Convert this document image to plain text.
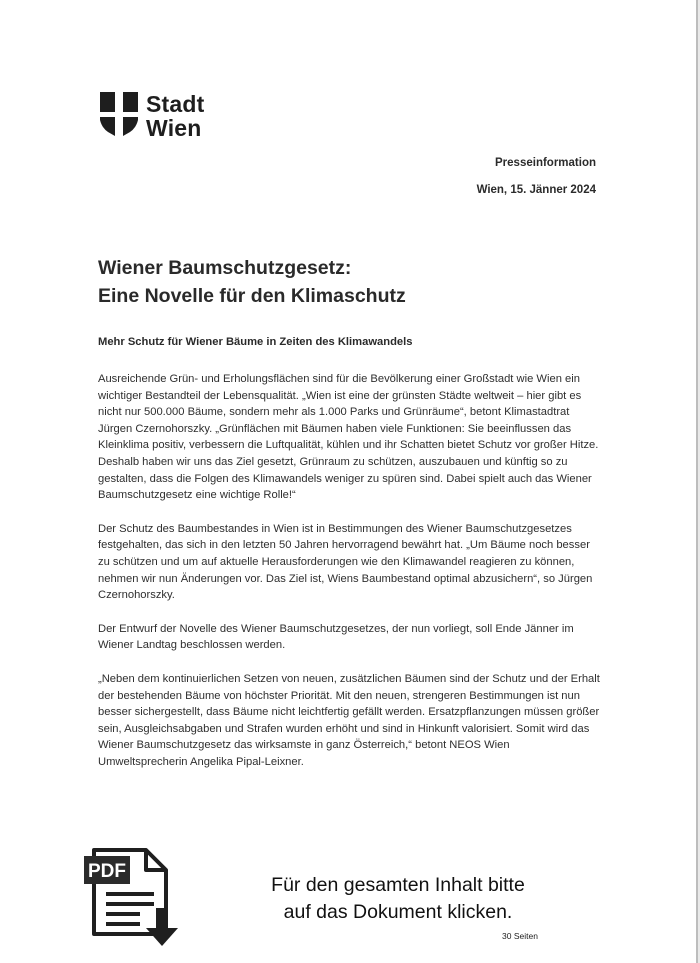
Stadt
Wien
Presseinformation
Wien, 15. Jänner 2024
Wiener Baumschutzgesetz:
Eine Novelle für den Klimaschutz
Mehr Schutz für Wiener Bäume in Zeiten des Klimawandels

Ausreichende Grün- und Erholungsflächen sind für die Bevölkerung einer Großstadt wie Wien ein wichtiger Bestandteil der Lebensqualität. „Wien ist eine der grünsten Städte weltweit – hier gibt es nicht nur 500.000 Bäume, sondern mehr als 1.000 Parks und Grünräume“, betont Klimastadtrat Jürgen Czernohorszky. „Grünflächen mit Bäumen haben viele Funktionen: Sie beeinflussen das Kleinklima positiv, verbessern die Luftqualität, kühlen und ihr Schatten bietet Schutz vor großer Hitze. Deshalb haben wir uns das Ziel gesetzt, Grünraum zu schützen, auszubauen und künftig so zu gestalten, dass die Folgen des Klimawandels weniger zu spüren sind. Dabei spielt auch das Wiener Baumschutzgesetz eine wichtige Rolle!“

Der Schutz des Baumbestandes in Wien ist in Bestimmungen des Wiener Baumschutzgesetzes festgehalten, das sich in den letzten 50 Jahren hervorragend bewährt hat. „Um Bäume noch besser zu schützen und um auf aktuelle Herausforderungen wie den Klimawandel reagieren zu können, nehmen wir nun Änderungen vor. Das Ziel ist, Wiens Baumbestand optimal abzusichern“, so Jürgen Czernohorszky.

Der Entwurf der Novelle des Wiener Baumschutzgesetzes, der nun vorliegt, soll Ende Jänner im Wiener Landtag beschlossen werden.

„Neben dem kontinuierlichen Setzen von neuen, zusätzlichen Bäumen sind der Schutz und der Erhalt der bestehenden Bäume von höchster Priorität. Mit den neuen, strengeren Bestimmungen ist nun besser sichergestellt, dass Bäume nicht leichtfertig gefällt werden. Ersatzpflanzungen müssen größer sein, Ausgleichsabgaben und Strafen wurden erhöht und sind in Hinkunft valorisiert. Somit wird das Wiener Baumschutzgesetz das wirksamste in ganz Österreich,“ betont NEOS Wien Umweltsprecherin Angelika Pipal-Leixner.

PDF
Für den gesamten Inhalt bitte
auf das Dokument klicken.
30 Seiten
